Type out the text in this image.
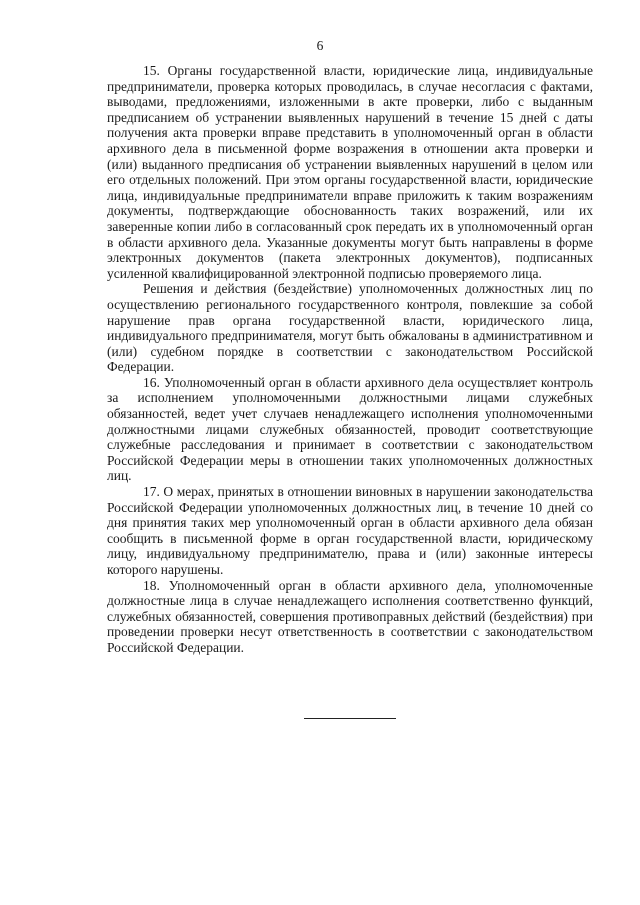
6

15. Органы государственной власти, юридические лица, индивидуальные предприниматели, проверка которых проводилась, в случае несогласия с фактами, выводами, предложениями, изложенными в акте проверки, либо с выданным предписанием об устранении выявленных нарушений в течение 15 дней с даты получения акта проверки вправе представить в уполномоченный орган в области архивного дела в письменной форме возражения в отношении акта проверки и (или) выданного предписания об устранении выявленных нарушений в целом или его отдельных положений. При этом органы государственной власти, юридические лица, индивидуальные предприниматели вправе приложить к таким возражениям документы, подтверждающие обоснованность таких возражений, или их заверенные копии либо в согласованный срок передать их в уполномоченный орган в области архивного дела. Указанные документы могут быть направлены в форме электронных документов (пакета электронных документов), подписанных усиленной квалифицированной электронной подписью проверяемого лица.

Решения и действия (бездействие) уполномоченных должностных лиц по осуществлению регионального государственного контроля, повлекшие за собой нарушение прав органа государственной власти, юридического лица, индивидуального предпринимателя, могут быть обжалованы в административном и (или) судебном порядке в соответствии с законодательством Российской Федерации.

16. Уполномоченный орган в области архивного дела осуществляет контроль за исполнением уполномоченными должностными лицами служебных обязанностей, ведет учет случаев ненадлежащего исполнения уполномоченными должностными лицами служебных обязанностей, проводит соответствующие служебные расследования и принимает в соответствии с законодательством Российской Федерации меры в отношении таких уполномоченных должностных лиц.

17. О мерах, принятых в отношении виновных в нарушении законодательства Российской Федерации уполномоченных должностных лиц, в течение 10 дней со дня принятия таких мер уполномоченный орган в области архивного дела обязан сообщить в письменной форме в орган государственной власти, юридическому лицу, индивидуальному предпринимателю, права и (или) законные интересы которого нарушены.

18. Уполномоченный орган в области архивного дела, уполномоченные должностные лица в случае ненадлежащего исполнения соответственно функций, служебных обязанностей, совершения противоправных действий (бездействия) при проведении проверки несут ответственность в соответствии с законодательством Российской Федерации.
